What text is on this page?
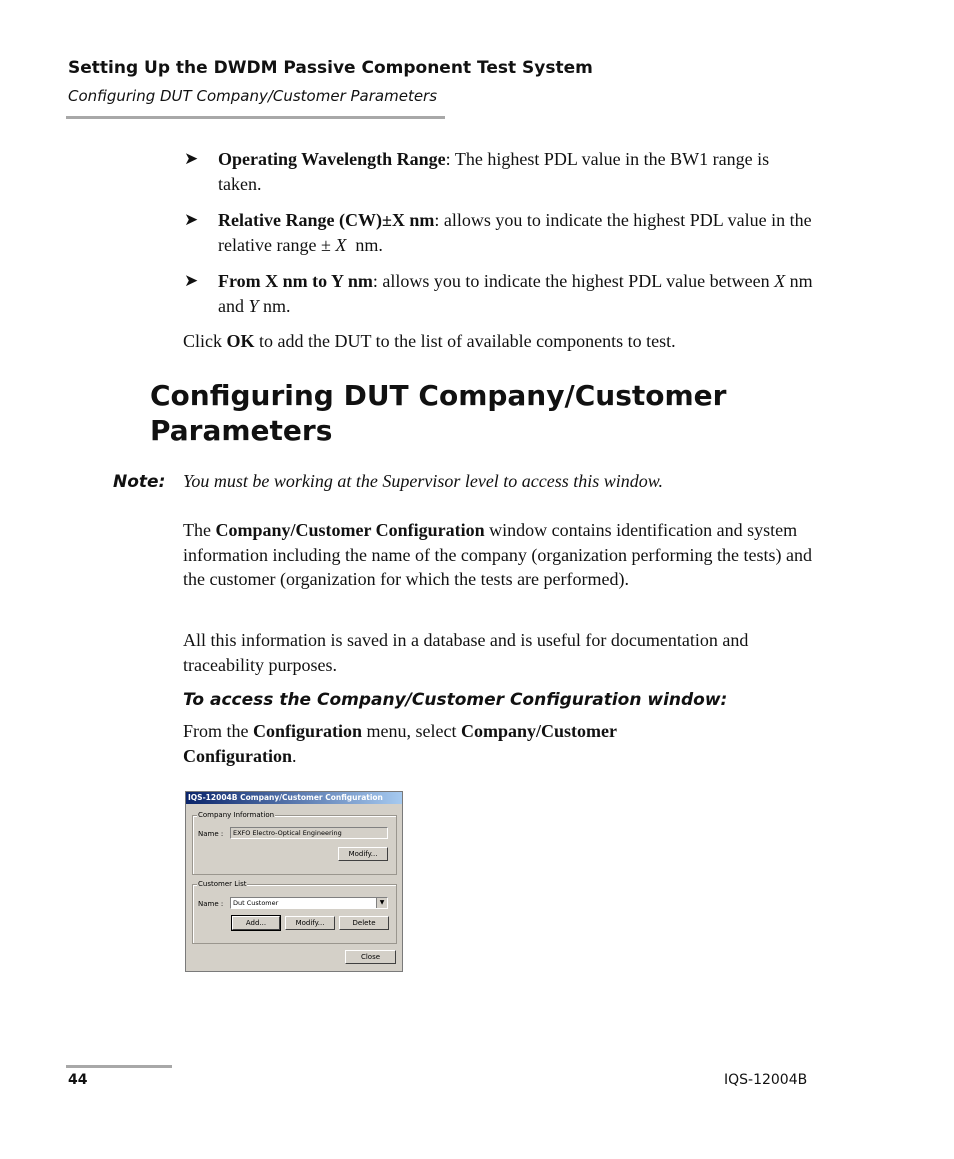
Setting Up the DWDM Passive Component Test System
Configuring DUT Company/Customer Parameters
➤ Operating Wavelength Range: The highest PDL value in the BW1 range is taken.
➤ Relative Range (CW)±X nm: allows you to indicate the highest PDL value in the relative range ± X  nm.
➤ From X nm to Y nm: allows you to indicate the highest PDL value between X nm and Y nm.

Click OK to add the DUT to the list of available components to test.

Configuring DUT Company/Customer Parameters
Note: You must be working at the Supervisor level to access this window.

The Company/Customer Configuration window contains identification and system information including the name of the company (organization performing the tests) and the customer (organization for which the tests are performed).

All this information is saved in a database and is useful for documentation and traceability purposes.

To access the Company/Customer Configuration window:

From the Configuration menu, select Company/Customer Configuration.

IQS-12004B Company/Customer Configuration
Company Information
Name :	EXFO Electro-Optical Engineering
Modify...
Customer List
Name :	Dut Customer	▼
Add...	Modify...	Delete
Close
44	IQS-12004B
